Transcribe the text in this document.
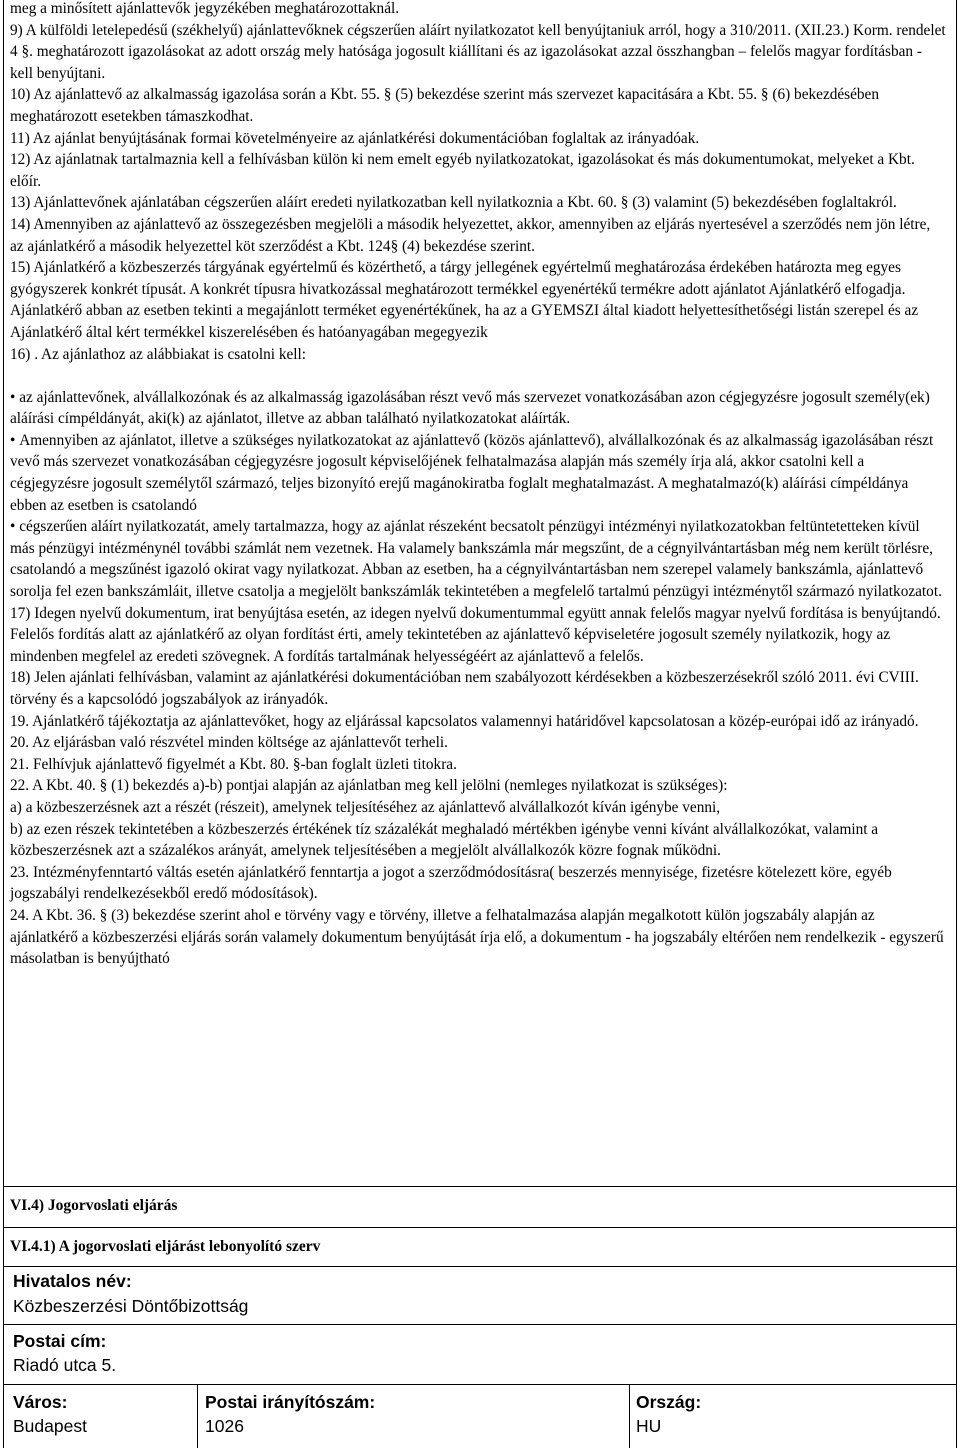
meg a minősített ajánlattevők jegyzékében meghatározottaknál.

9) A külföldi letelepedésű (székhelyű) ajánlattevőknek cégszerűen aláírt nyilatkozatot kell benyújtaniuk arról, hogy a 310/2011. (XII.23.) Korm. rendelet 4 §. meghatározott igazolásokat az adott ország mely hatósága jogosult kiállítani és az igazolásokat azzal összhangban – felelős magyar fordításban - kell benyújtani.

10) Az ajánlattevő az alkalmasság igazolása során a Kbt. 55. § (5) bekezdése szerint más szervezet kapacitására a Kbt. 55. § (6) bekezdésében meghatározott esetekben támaszkodhat.

11) Az ajánlat benyújtásának formai követelményeire az ajánlatkérési dokumentációban foglaltak az irányadóak.

12) Az ajánlatnak tartalmaznia kell a felhívásban külön ki nem emelt egyéb nyilatkozatokat, igazolásokat és más dokumentumokat, melyeket a Kbt. előír.

13) Ajánlattevőnek ajánlatában cégszerűen aláírt eredeti nyilatkozatban kell nyilatkoznia a Kbt. 60. § (3) valamint (5) bekezdésében foglaltakról.

14) Amennyiben az ajánlattevő az összegezésben megjelöli a második helyezettet, akkor, amennyiben az eljárás nyertesével a szerződés nem jön létre, az ajánlatkérő a második helyezettel köt szerződést a Kbt. 124§ (4) bekezdése szerint.

15) Ajánlatkérő a közbeszerzés tárgyának egyértelmű és közérthető, a tárgy jellegének egyértelmű meghatározása érdekében határozta meg egyes gyógyszerek konkrét típusát. A konkrét típusra hivatkozással meghatározott termékkel egyenértékű termékre adott ajánlatot Ajánlatkérő elfogadja. Ajánlatkérő abban az esetben tekinti a megajánlott terméket egyenértékűnek, ha az a GYEMSZI által kiadott helyettesíthetőségi listán szerepel és az Ajánlatkérő által kért termékkel kiszerelésében és hatóanyagában megegyezik

16) . Az ajánlathoz az alábbiakat is csatolni kell:

• az ajánlattevőnek, alvállalkozónak és az alkalmasság igazolásában részt vevő más szervezet vonatkozásában azon cégjegyzésre jogosult személy(ek) aláírási címpéldányát, aki(k) az ajánlatot, illetve az abban található nyilatkozatokat aláírták.

• Amennyiben az ajánlatot, illetve a szükséges nyilatkozatokat az ajánlattevő (közös ajánlattevő), alvállalkozónak és az alkalmasság igazolásában részt vevő más szervezet vonatkozásában cégjegyzésre jogosult képviselőjének felhatalmazása alapján más személy írja alá, akkor csatolni kell a cégjegyzésre jogosult személytől származó, teljes bizonyító erejű magánokiratba foglalt meghatalmazást. A meghatalmazó(k) aláírási címpéldánya ebben az esetben is csatolandó

• cégszerűen aláírt nyilatkozatát, amely tartalmazza, hogy az ajánlat részeként becsatolt pénzügyi intézményi nyilatkozatokban feltüntetetteken kívül más pénzügyi intézménynél további számlát nem vezetnek. Ha valamely bankszámla már megszűnt, de a cégnyilvántartásban még nem került törlésre, csatolandó a megszűnést igazoló okirat vagy nyilatkozat. Abban az esetben, ha a cégnyilvántartásban nem szerepel valamely bankszámla, ajánlattevő sorolja fel ezen bankszámláit, illetve csatolja a megjelölt bankszámlák tekintetében a megfelelő tartalmú pénzügyi intézménytől származó nyilatkozatot.

17) Idegen nyelvű dokumentum, irat benyújtása esetén, az idegen nyelvű dokumentummal együtt annak felelős magyar nyelvű fordítása is benyújtandó. Felelős fordítás alatt az ajánlatkérő az olyan fordítást érti, amely tekintetében az ajánlattevő képviseletére jogosult személy nyilatkozik, hogy az mindenben megfelel az eredeti szövegnek. A fordítás tartalmának helyességéért az ajánlattevő a felelős.

18) Jelen ajánlati felhívásban, valamint az ajánlatkérési dokumentációban nem szabályozott kérdésekben a közbeszerzésekről szóló 2011. évi CVIII. törvény és a kapcsolódó jogszabályok az irányadók.

19. Ajánlatkérő tájékoztatja az ajánlattevőket, hogy az eljárással kapcsolatos valamennyi határidővel kapcsolatosan a közép-európai idő az irányadó.

20. Az eljárásban való részvétel minden költsége az ajánlattevőt terheli.

21. Felhívjuk ajánlattevő figyelmét a Kbt. 80. §-ban foglalt üzleti titokra.

22. A Kbt. 40. § (1) bekezdés a)-b) pontjai alapján az ajánlatban meg kell jelölni (nemleges nyilatkozat is szükséges):

a) a közbeszerzésnek azt a részét (részeit), amelynek teljesítéséhez az ajánlattevő alvállalkozót kíván igénybe venni,

b) az ezen részek tekintetében a közbeszerzés értékének tíz százalékát meghaladó mértékben igénybe venni kívánt alvállalkozókat, valamint a közbeszerzésnek azt a százalékos arányát, amelynek teljesítésében a megjelölt alvállalkozók közre fognak működni.

23. Intézményfenntartó váltás esetén ajánlatkérő fenntartja a jogot a szerződmódosításra( beszerzés mennyisége, fizetésre kötelezett köre, egyéb jogszabályi rendelkezésekből eredő módosítások).

24. A Kbt. 36. § (3) bekezdése szerint ahol e törvény vagy e törvény, illetve a felhatalmazása alapján megalkotott külön jogszabály alapján az ajánlatkérő a közbeszerzési eljárás során valamely dokumentum benyújtását írja elő, a dokumentum - ha jogszabály eltérően nem rendelkezik - egyszerű másolatban is benyújtható

VI.4) Jogorvoslati eljárás
VI.4.1) A jogorvoslati eljárást lebonyolító szerv
Hivatalos név:
Közbeszerzési Döntőbizottság
Postai cím:
Riadó utca 5.
Város:
Budapest
Postai irányítószám:
1026
Ország:
HU
